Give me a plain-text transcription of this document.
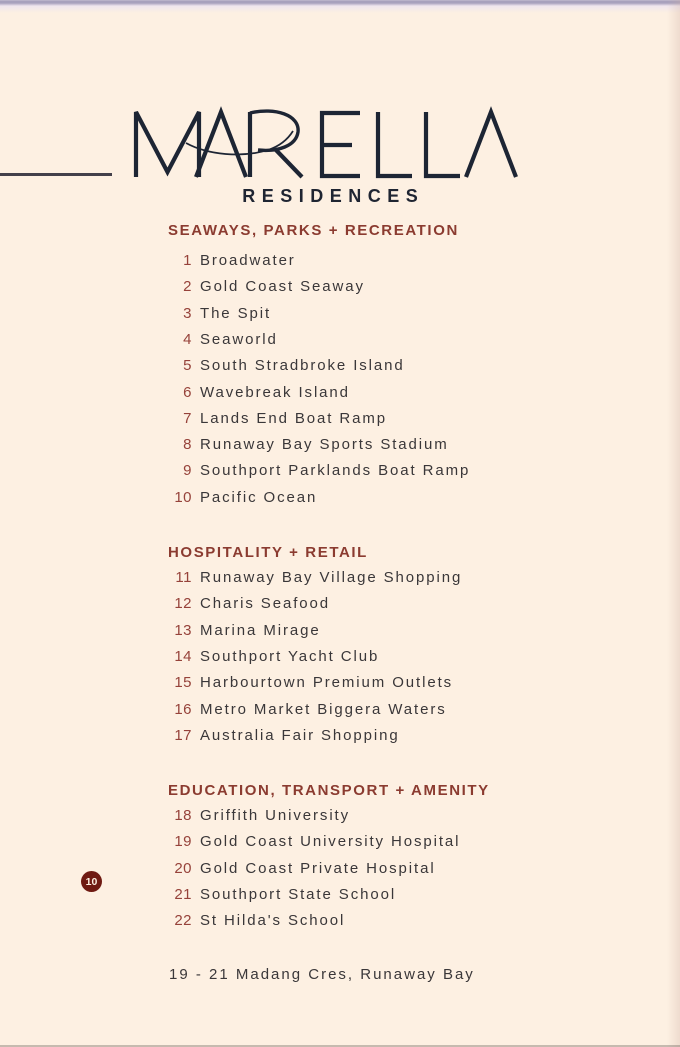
RESIDENCES
SEAWAYS, PARKS + RECREATION
1 Broadwater
2 Gold Coast Seaway
3 The Spit
4 Seaworld
5 South Stradbroke Island
6 Wavebreak Island
7 Lands End Boat Ramp
8 Runaway Bay Sports Stadium
9 Southport Parklands Boat Ramp
10 Pacific Ocean
HOSPITALITY + RETAIL
11 Runaway Bay Village Shopping
12 Charis Seafood
13 Marina Mirage
14 Southport Yacht Club
15 Harbourtown Premium Outlets
16 Metro Market Biggera Waters
17 Australia Fair Shopping
EDUCATION, TRANSPORT + AMENITY
18 Griffith University
19 Gold Coast University Hospital
20 Gold Coast Private Hospital
21 Southport State School
22 St Hilda's School
19 - 21 Madang Cres, Runaway Bay
10
